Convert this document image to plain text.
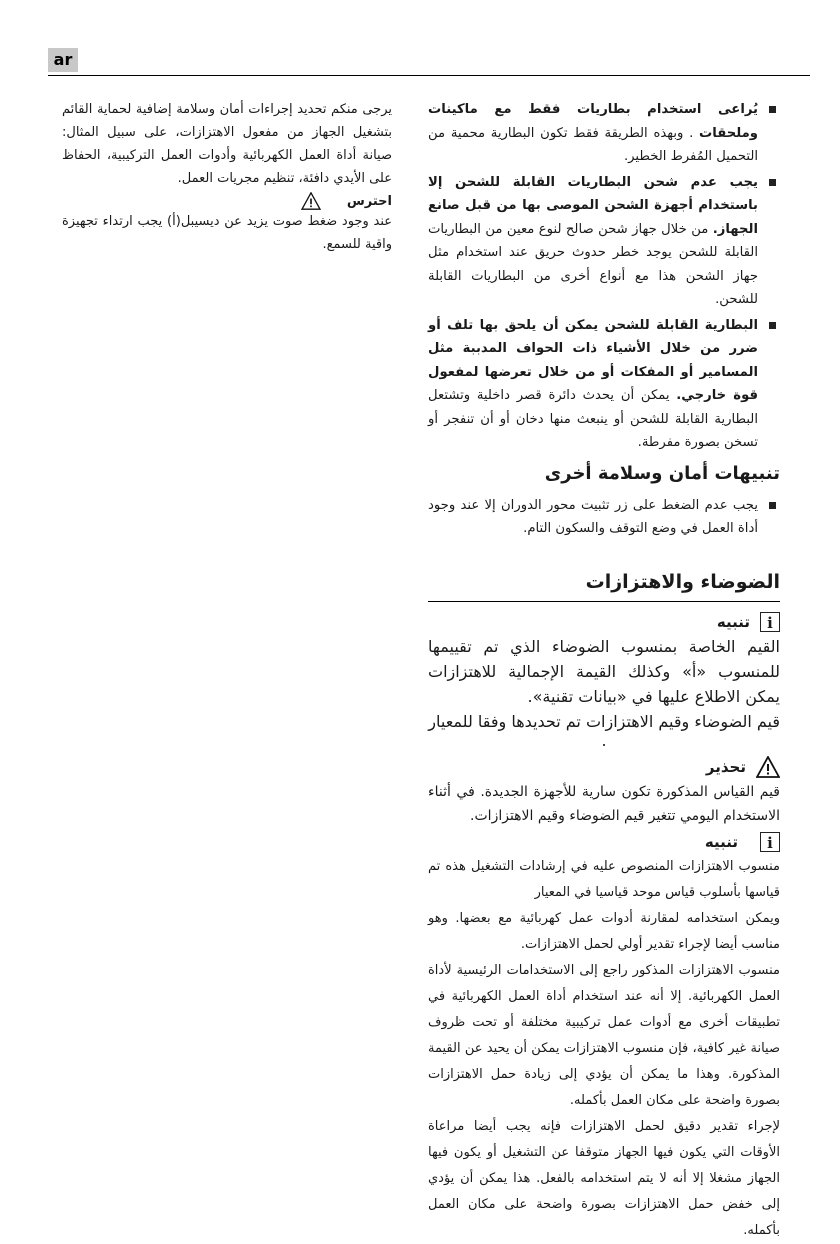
ar
يُراعى استخدام بطاريات فقط مع ماكينات وملحقات . وبهذه الطريقة فقط تكون البطارية محمية من التحميل المُفرط الخطير.
يجب عدم شحن البطاريات القابلة للشحن إلا باستخدام أجهزة الشحن الموصى بها من قبل صانع الجهاز. من خلال جهاز شحن صالح لنوع معين من البطاريات القابلة للشحن يوجد خطر حدوث حريق عند استخدام مثل جهاز الشحن هذا مع أنواع أخرى من البطاريات القابلة للشحن.
البطارية القابلة للشحن يمكن أن يلحق بها تلف أو ضرر من خلال الأشياء ذات الحواف المدببة مثل المسامير أو المفكات أو من خلال تعرضها لمفعول قوة خارجي. يمكن أن يحدث دائرة قصر داخلية وتشتعل البطارية القابلة للشحن أو ينبعث منها دخان أو أن تنفجر أو تسخن بصورة مفرطة.
تنبيهات أمان وسلامة أخرى
يجب عدم الضغط على زر تثبيت محور الدوران إلا عند وجود أداة العمل في وضع التوقف والسكون التام.
الضوضاء والاهتزازات
i
تنبيه

القيم الخاصة بمنسوب الضوضاء الذي تم تقييمها للمنسوب «أ» وكذلك القيمة الإجمالية للاهتزازات يمكن الاطلاع عليها في «بيانات تقنية».

قيم الضوضاء وقيم الاهتزازات تم تحديدها وفقا للمعيار

.

تحذير

قيم القياس المذكورة تكون سارية للأجهزة الجديدة. في أثناء الاستخدام اليومي تتغير قيم الضوضاء وقيم الاهتزازات.

i
تنبيه

منسوب الاهتزازات المنصوص عليه في إرشادات التشغيل هذه تم قياسها بأسلوب قياس موحد قياسيا في المعيار

ويمكن استخدامه لمقارنة أدوات عمل كهربائية مع بعضها. وهو مناسب أيضا لإجراء تقدير أولي لحمل الاهتزازات.

منسوب الاهتزازات المذكور راجع إلى الاستخدامات الرئيسية لأداة العمل الكهربائية. إلا أنه عند استخدام أداة العمل الكهربائية في تطبيقات أخرى مع أدوات عمل تركيبية مختلفة أو تحت ظروف صيانة غير كافية، فإن منسوب الاهتزازات يمكن أن يحيد عن القيمة المذكورة. وهذا ما يمكن أن يؤدي إلى زيادة حمل الاهتزازات بصورة واضحة على مكان العمل بأكمله.

لإجراء تقدير دقيق لحمل الاهتزازات فإنه يجب أيضا مراعاة الأوقات التي يكون فيها الجهاز متوقفا عن التشغيل أو يكون فيها الجهاز مشغلا إلا أنه لا يتم استخدامه بالفعل. هذا يمكن أن يؤدي إلى خفض حمل الاهتزازات بصورة واضحة على مكان العمل بأكمله.

يرجى منكم تحديد إجراءات أمان وسلامة إضافية لحماية القائم بتشغيل الجهاز من مفعول الاهتزازات، على سبيل المثال: صيانة أداة العمل الكهربائية وأدوات العمل التركيبية، الحفاظ على الأيدي دافئة، تنظيم مجريات العمل.

احترس

عند وجود ضغط صوت يزيد عن ديسيبل(أ) يجب ارتداء تجهيزة واقية للسمع.
